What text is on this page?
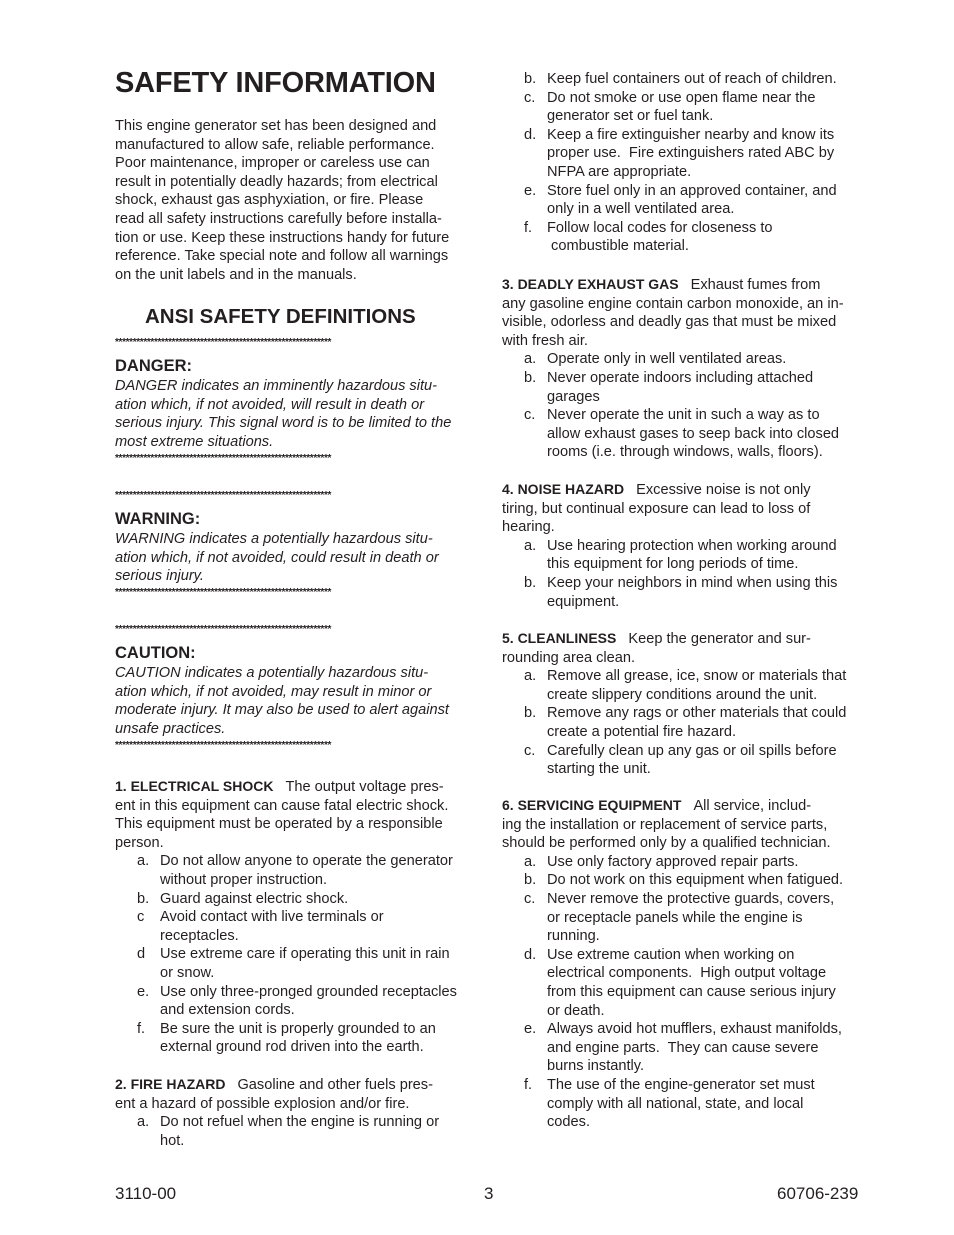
SAFETY INFORMATION
This engine generator set has been designed and
manufactured to allow safe, reliable performance.
Poor maintenance, improper or careless use can
result in potentially deadly hazards; from electrical
shock, exhaust gas asphyxiation, or fire. Please
read all safety instructions carefully before installa-
tion or use. Keep these instructions handy for future
reference. Take special note and follow all warnings
on the unit labels and in the manuals.
ANSI SAFETY DEFINITIONS
*************************************************************
DANGER:
DANGER indicates an imminently hazardous situ-
ation which, if not avoided, will result in death or
serious injury. This signal word is to be limited to the
most extreme situations.
*************************************************************
*************************************************************
WARNING:
WARNING indicates a potentially hazardous situ-
ation which, if not avoided, could result in death or
serious injury.
*************************************************************
*************************************************************
CAUTION:
CAUTION indicates a potentially hazardous situ-
ation which, if not avoided, may result in minor or
moderate injury. It may also be used to alert against
unsafe practices.
*************************************************************
1. ELECTRICAL SHOCK The output voltage pres-
ent in this equipment can cause fatal electric shock.
This equipment must be operated by a responsible
person.
a. Do not allow anyone to operate the generator
without proper instruction.
b. Guard against electric shock.
c Avoid contact with live terminals or
receptacles.
d Use extreme care if operating this unit in rain
or snow.
e. Use only three-pronged grounded receptacles
and extension cords.
f. Be sure the unit is properly grounded to an
external ground rod driven into the earth.
2. FIRE HAZARD Gasoline and other fuels pres-
ent a hazard of possible explosion and/or fire.
a. Do not refuel when the engine is running or
hot.
b. Keep fuel containers out of reach of children.
c. Do not smoke or use open flame near the
generator set or fuel tank.
d. Keep a fire extinguisher nearby and know its
proper use.  Fire extinguishers rated ABC by
NFPA are appropriate.
e. Store fuel only in an approved container, and
only in a well ventilated area.
f. Follow local codes for closeness to
combustible material.
3. DEADLY EXHAUST GAS Exhaust fumes from
any gasoline engine contain carbon monoxide, an in-
visible, odorless and deadly gas that must be mixed
with fresh air.
a. Operate only in well ventilated areas.
b. Never operate indoors including attached
garages
c. Never operate the unit in such a way as to
allow exhaust gases to seep back into closed
rooms (i.e. through windows, walls, floors).
4. NOISE HAZARD Excessive noise is not only
tiring, but continual exposure can lead to loss of
hearing.
a. Use hearing protection when working around
this equipment for long periods of time.
b. Keep your neighbors in mind when using this
equipment.
5. CLEANLINESS Keep the generator and sur-
rounding area clean.
a. Remove all grease, ice, snow or materials that
create slippery conditions around the unit.
b. Remove any rags or other materials that could
create a potential fire hazard.
c. Carefully clean up any gas or oil spills before
starting the unit.
6. SERVICING EQUIPMENT All service, includ-
ing the installation or replacement of service parts,
should be performed only by a qualified technician.
a. Use only factory approved repair parts.
b. Do not work on this equipment when fatigued.
c. Never remove the protective guards, covers,
or receptacle panels while the engine is
running.
d. Use extreme caution when working on
electrical components.  High output voltage
from this equipment can cause serious injury
or death.
e. Always avoid hot mufflers, exhaust manifolds,
and engine parts.  They can cause severe
burns instantly.
f. The use of the engine-generator set must
comply with all national, state, and local
codes.
3110-00	3	60706-239
